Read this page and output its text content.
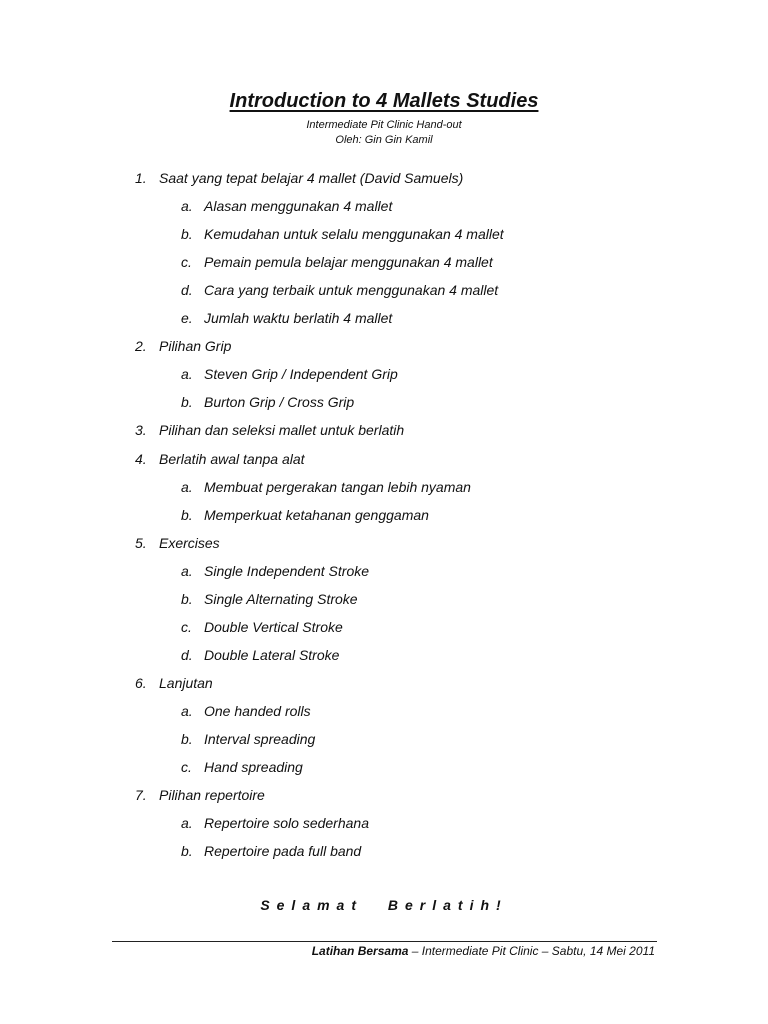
Introduction to 4 Mallets Studies
Intermediate Pit Clinic Hand-out
Oleh: Gin Gin Kamil
1. Saat yang tepat belajar 4 mallet (David Samuels)
a. Alasan menggunakan 4 mallet
b. Kemudahan untuk selalu menggunakan 4 mallet
c. Pemain pemula belajar menggunakan 4 mallet
d. Cara yang terbaik untuk menggunakan 4 mallet
e. Jumlah waktu berlatih 4 mallet
2. Pilihan Grip
a. Steven Grip / Independent Grip
b. Burton Grip / Cross Grip
3. Pilihan dan seleksi mallet untuk berlatih
4. Berlatih awal tanpa alat
a. Membuat pergerakan tangan lebih nyaman
b. Memperkuat ketahanan genggaman
5. Exercises
a. Single Independent Stroke
b. Single Alternating Stroke
c. Double Vertical Stroke
d. Double Lateral Stroke
6. Lanjutan
a. One handed rolls
b. Interval spreading
c. Hand spreading
7. Pilihan repertoire
a. Repertoire solo sederhana
b. Repertoire pada full band
Selamat Berlatih!
Latihan Bersama – Intermediate Pit Clinic – Sabtu, 14 Mei 2011
